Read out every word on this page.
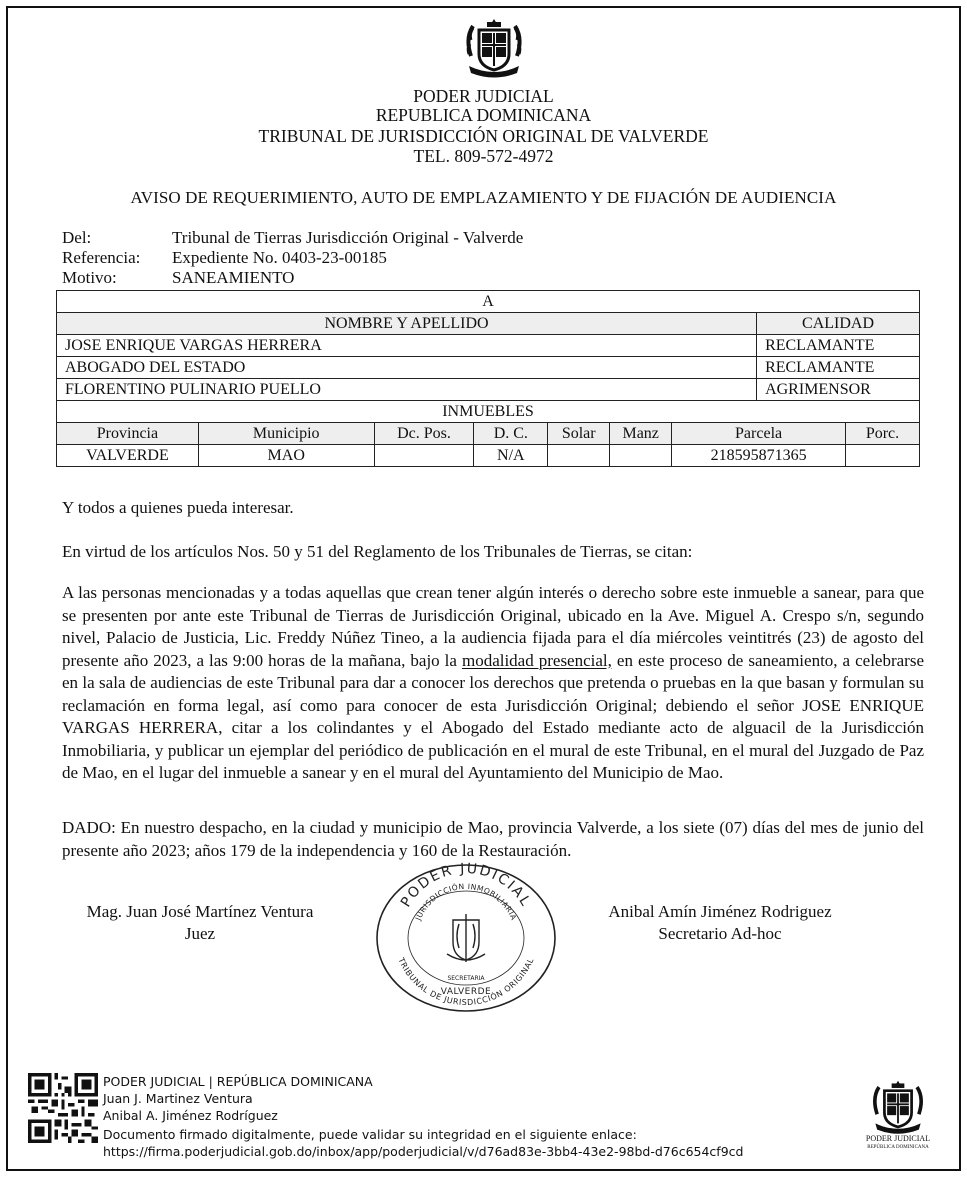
PODER JUDICIAL
REPUBLICA DOMINICANA
TRIBUNAL DE JURISDICCIÓN ORIGINAL DE VALVERDE
TEL. 809-572-4972
AVISO DE REQUERIMIENTO, AUTO DE EMPLAZAMIENTO Y DE FIJACIÓN DE AUDIENCIA
Del:	Tribunal de Tierras Jurisdicción Original - Valverde
Referencia: Expediente No. 0403-23-00185
Motivo:	SANEAMIENTO
A								
NOMBRE Y APELLIDO							CALIDAD	
JOSE ENRIQUE VARGAS HERRERA							RECLAMANTE	
ABOGADO DEL ESTADO							RECLAMANTE	
FLORENTINO PULINARIO PUELLO							AGRIMENSOR	
INMUEBLES								
Provincia	Municipio	Dc. Pos.	D. C.	Solar	Manz	Parcela		Porc.
VALVERDE	MAO		N/A			218595871365		
Y todos a quienes pueda interesar.
En virtud de los artículos Nos. 50 y 51 del Reglamento de los Tribunales de Tierras, se citan:
A las personas mencionadas y a todas aquellas que crean tener algún interés o derecho sobre este inmueble a sanear, para que se presenten por ante este Tribunal de Tierras de Jurisdicción Original, ubicado en la Ave. Miguel A. Crespo s/n, segundo nivel, Palacio de Justicia, Lic. Freddy Núñez Tineo, a la audiencia fijada para el día miércoles veintitrés (23) de agosto del presente año 2023, a las 9:00 horas de la mañana, bajo la modalidad presencial, en este proceso de saneamiento, a celebrarse en la sala de audiencias de este Tribunal para dar a conocer los derechos que pretenda o pruebas en la que basan y formulan su reclamación en forma legal, así como para conocer de esta Jurisdicción Original; debiendo el señor JOSE ENRIQUE VARGAS HERRERA, citar a los colindantes y el Abogado del Estado mediante acto de alguacil de la Jurisdicción Inmobiliaria, y publicar un ejemplar del periódico de publicación en el mural de este Tribunal, en el mural del Juzgado de Paz de Mao, en el lugar del inmueble a sanear y en el mural del Ayuntamiento del Municipio de Mao.
DADO: En nuestro despacho, en la ciudad y municipio de Mao, provincia Valverde, a los siete (07) días del mes de junio del presente año 2023; años 179 de la independencia y 160 de la Restauración.
Mag. Juan José Martínez Ventura
Juez
Anibal Amín Jiménez Rodriguez
Secretario Ad-hoc
PODER JUDICIAL
JURISDICCIÓN INMOBILIARIA
TRIBUNAL DE JURISDICCIÓN ORIGINAL
SECRETARIA
VALVERDE
PODER JUDICIAL | REPÚBLICA DOMINICANA
Juan J. Martinez Ventura
Anibal A. Jiménez Rodríguez
Documento firmado digitalmente, puede validar su integridad en el siguiente enlace:
https://firma.poderjudicial.gob.do/inbox/app/poderjudicial/v/d76ad83e-3bb4-43e2-98bd-d76c654cf9cd
PODER JUDICIAL
REPÚBLICA DOMINICANA
